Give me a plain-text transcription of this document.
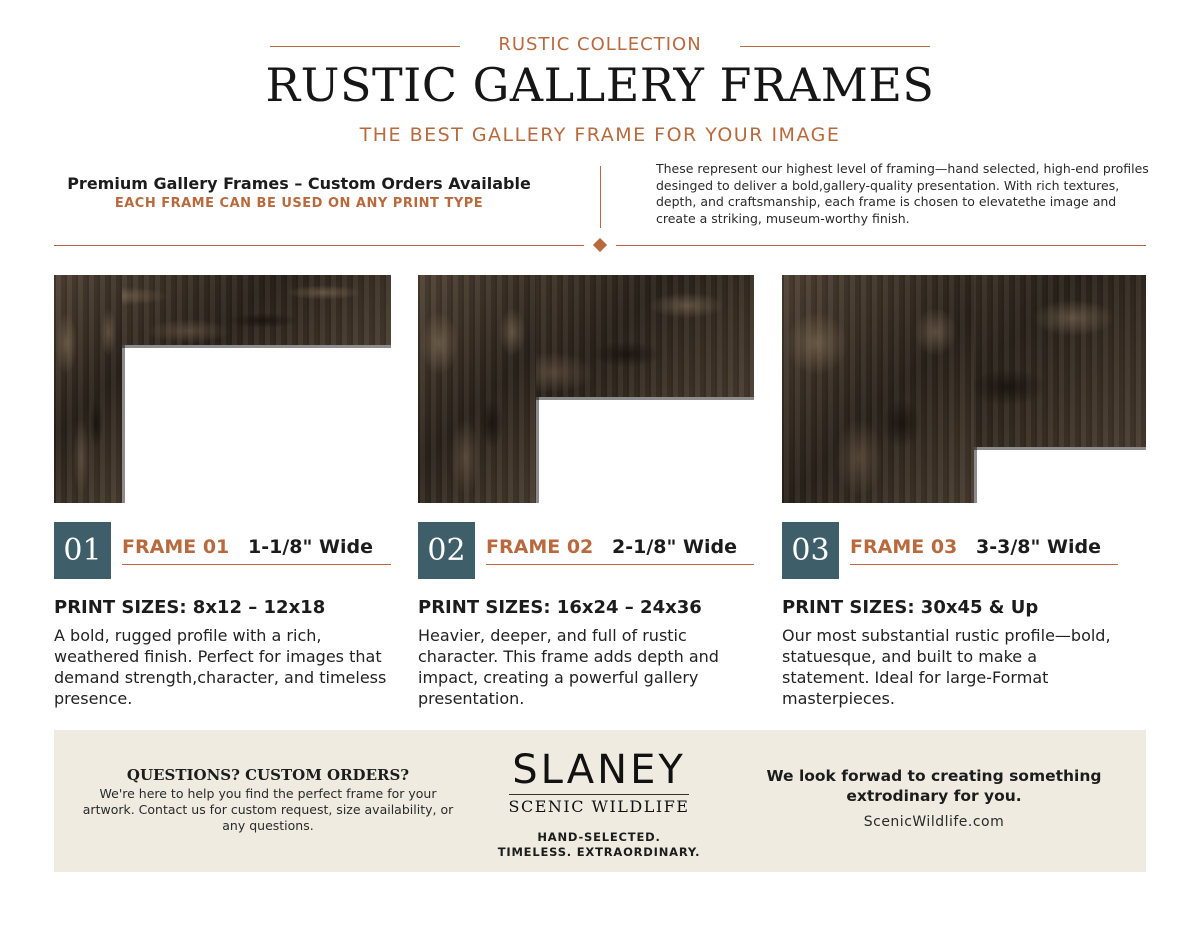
RUSTIC COLLECTION
RUSTIC GALLERY FRAMES
THE BEST GALLERY FRAME FOR YOUR IMAGE
Premium Gallery Frames – Custom Orders Available
EACH FRAME CAN BE USED ON ANY PRINT TYPE
These represent our highest level of framing—hand selected, high-end profiles desinged to deliver a bold,gallery-quality presentation. With rich textures, depth, and craftsmanship, each frame is chosen to elevatethe image and create a striking, museum-worthy finish.
01	FRAME 01 1-1/8" Wide
PRINT SIZES: 8x12 – 12x18
A bold, rugged profile with a rich, weathered finish. Perfect for images that demand strength,character, and timeless presence.
02	FRAME 02 2-1/8" Wide
PRINT SIZES: 16x24 – 24x36
Heavier, deeper, and full of rustic character. This frame adds depth and impact, creating a powerful gallery presentation.
03	FRAME 03 3-3/8" Wide
PRINT SIZES: 30x45 & Up
Our most substantial rustic profile—bold, statuesque, and built to make a statement. Ideal for large-Format masterpieces.
QUESTIONS? CUSTOM ORDERS?
We're here to help you find the perfect frame for your artwork. Contact us for custom request, size availability, or any questions.
SLANEY
SCENIC WILDLIFE
HAND-SELECTED.
TIMELESS. EXTRAORDINARY.
We look forwad to creating something extrodinary for you.
ScenicWildlife.com
